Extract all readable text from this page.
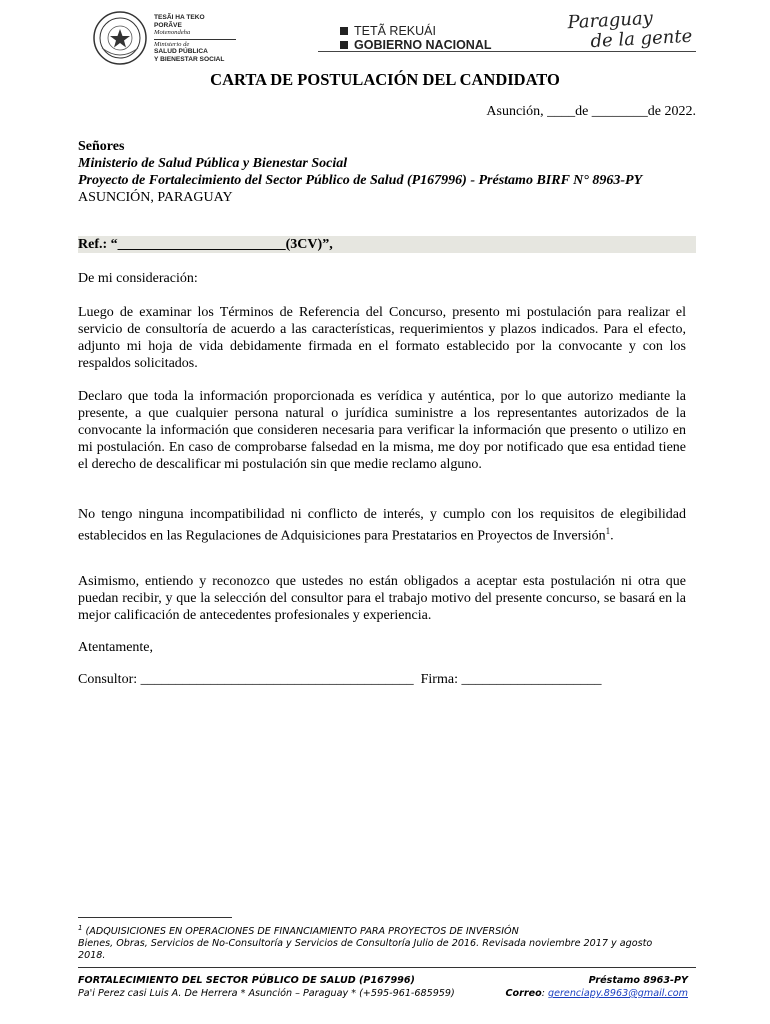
TESÃI HA TEKO
PORÃVE
Motenondeha
Ministerio de
SALUD PÚBLICA
Y BIENESTAR SOCIAL
TETÃ REKUÁI
GOBIERNO NACIONAL
Paraguay
de la gente
CARTA DE POSTULACIÓN DEL CANDIDATO
Asunción, ____de ________de 2022.
Señores
Ministerio de Salud Pública y Bienestar Social
Proyecto de Fortalecimiento del Sector Público de Salud (P167996) - Préstamo BIRF N° 8963-PY
ASUNCIÓN, PARAGUAY
Ref.: “________________________(3CV)”,
De mi consideración:
Luego de examinar los Términos de Referencia del Concurso, presento mi postulación para realizar el servicio de consultoría de acuerdo a las características, requerimientos y plazos indicados. Para el efecto, adjunto mi hoja de vida debidamente firmada en el formato establecido por la convocante y con los respaldos solicitados.
Declaro que toda la información proporcionada es verídica y auténtica, por lo que autorizo mediante la presente, a que cualquier persona natural o jurídica suministre a los representantes autorizados de la convocante la información que consideren necesaria para verificar la información que presento o utilizo en mi postulación. En caso de comprobarse falsedad en la misma, me doy por notificado que esa entidad tiene el derecho de descalificar mi postulación sin que medie reclamo alguno.
No tengo ninguna incompatibilidad ni conflicto de interés, y cumplo con los requisitos de elegibilidad establecidos en las Regulaciones de Adquisiciones para Prestatarios en Proyectos de Inversión$^1$.
Asimismo, entiendo y reconozco que ustedes no están obligados a aceptar esta postulación ni otra que puedan recibir, y que la selección del consultor para el trabajo motivo del presente concurso, se basará en la mejor calificación de antecedentes profesionales y experiencia.
Atentamente,
Consultor: _______________________________________ Firma: ____________________
$^1$ (ADQUISICIONES EN OPERACIONES DE FINANCIAMIENTO PARA PROYECTOS DE INVERSIÓN
Bienes, Obras, Servicios de No-Consultoría y Servicios de Consultoría Julio de 2016. Revisada noviembre 2017 y agosto 2018.
FORTALECIMIENTO DEL SECTOR PÚBLICO DE SALUD (P167996)	Préstamo 8963-PY
Pa'i Perez casi Luis A. De Herrera * Asunción – Paraguay * (+595-961-685959)	Correo: gerenciapy.8963@gmail.com
